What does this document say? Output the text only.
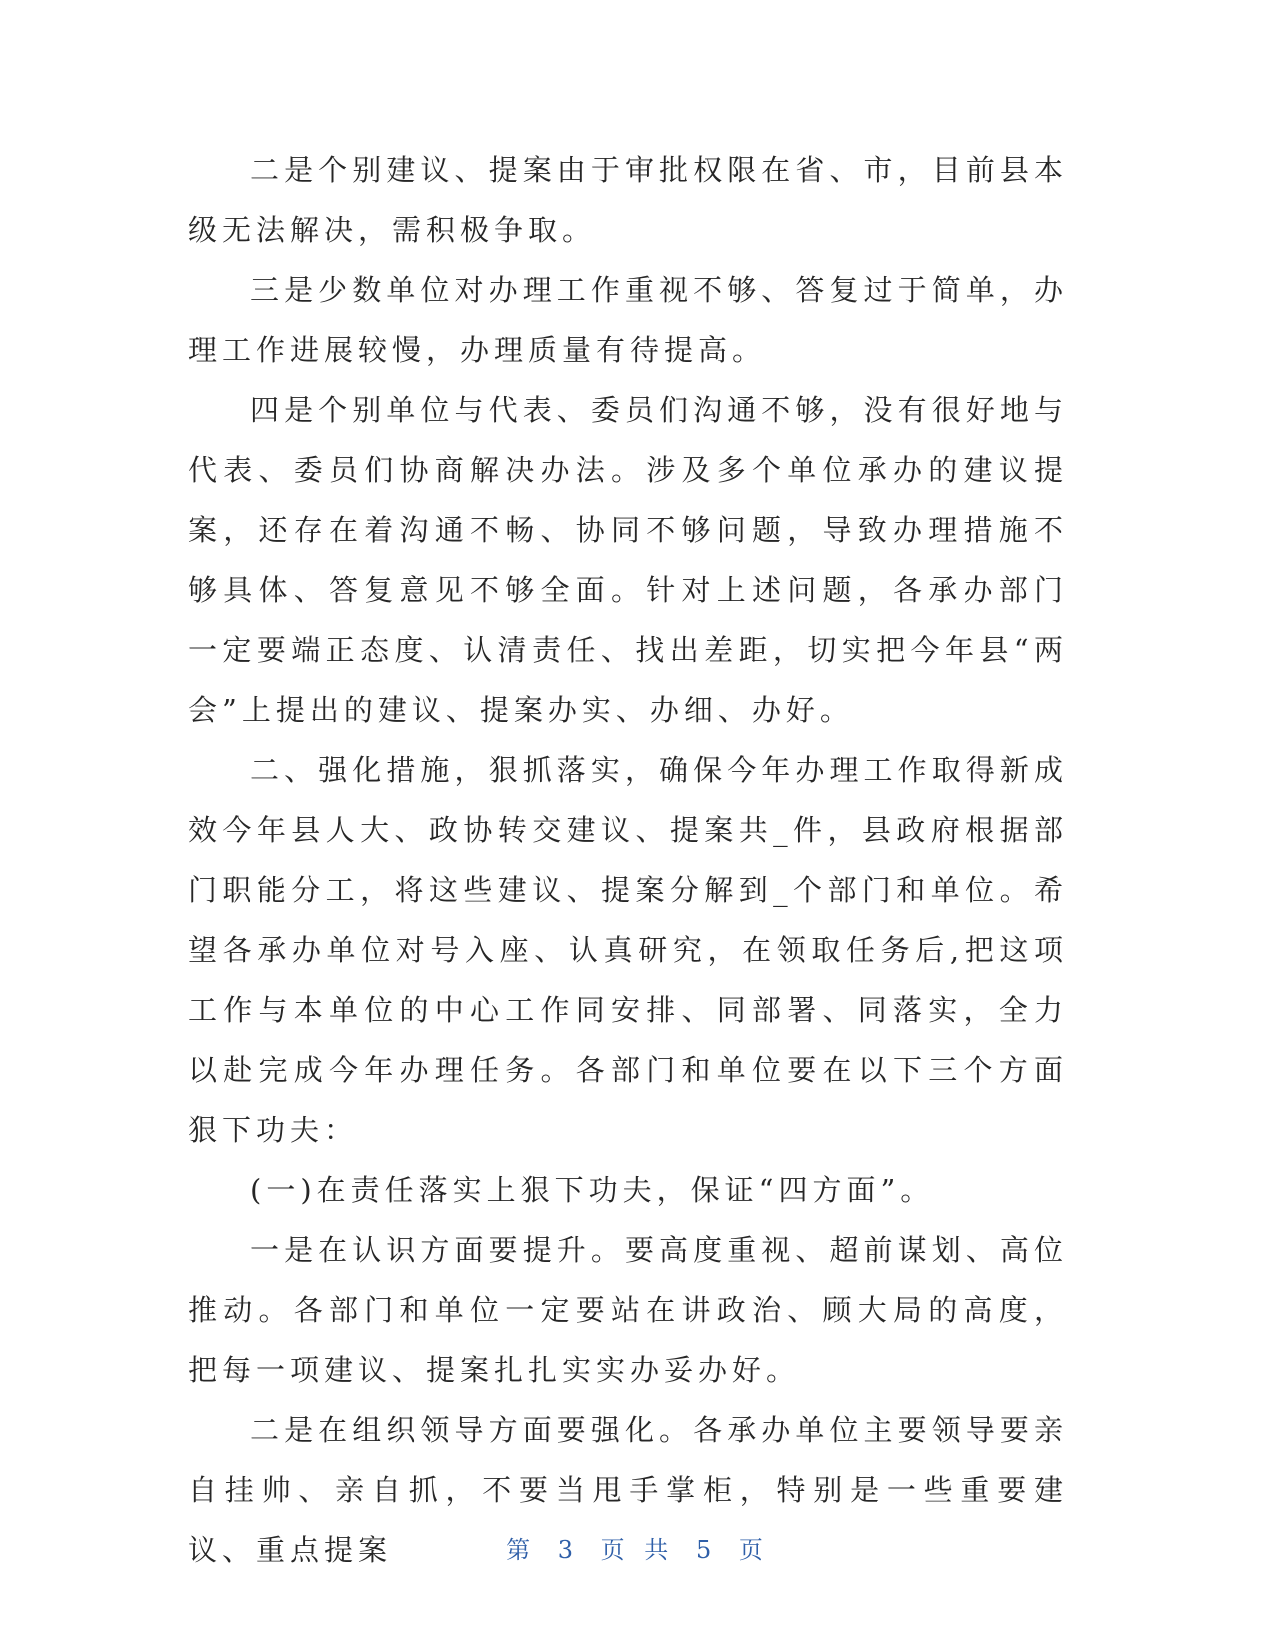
二是个别建议、提案由于审批权限在省、市，目前县本级无法解决，需积极争取。

三是少数单位对办理工作重视不够、答复过于简单，办理工作进展较慢，办理质量有待提高。

四是个别单位与代表、委员们沟通不够，没有很好地与代表、委员们协商解决办法。涉及多个单位承办的建议提案，还存在着沟通不畅、协同不够问题，导致办理措施不够具体、答复意见不够全面。针对上述问题，各承办部门一定要端正态度、认清责任、找出差距，切实把今年县“两会”上提出的建议、提案办实、办细、办好。

二、强化措施，狠抓落实，确保今年办理工作取得新成效今年县人大、政协转交建议、提案共_件，县政府根据部门职能分工，将这些建议、提案分解到_个部门和单位。希望各承办单位对号入座、认真研究，在领取任务后,把这项工作与本单位的中心工作同安排、同部署、同落实，全力以赴完成今年办理任务。各部门和单位要在以下三个方面狠下功夫：

(一)在责任落实上狠下功夫，保证“四方面”。

一是在认识方面要提升。要高度重视、超前谋划、高位推动。各部门和单位一定要站在讲政治、顾大局的高度，把每一项建议、提案扎扎实实办妥办好。

二是在组织领导方面要强化。各承办单位主要领导要亲自挂帅、亲自抓，不要当甩手掌柜，特别是一些重要建议、重点提案	第 3 页 共 5 页
